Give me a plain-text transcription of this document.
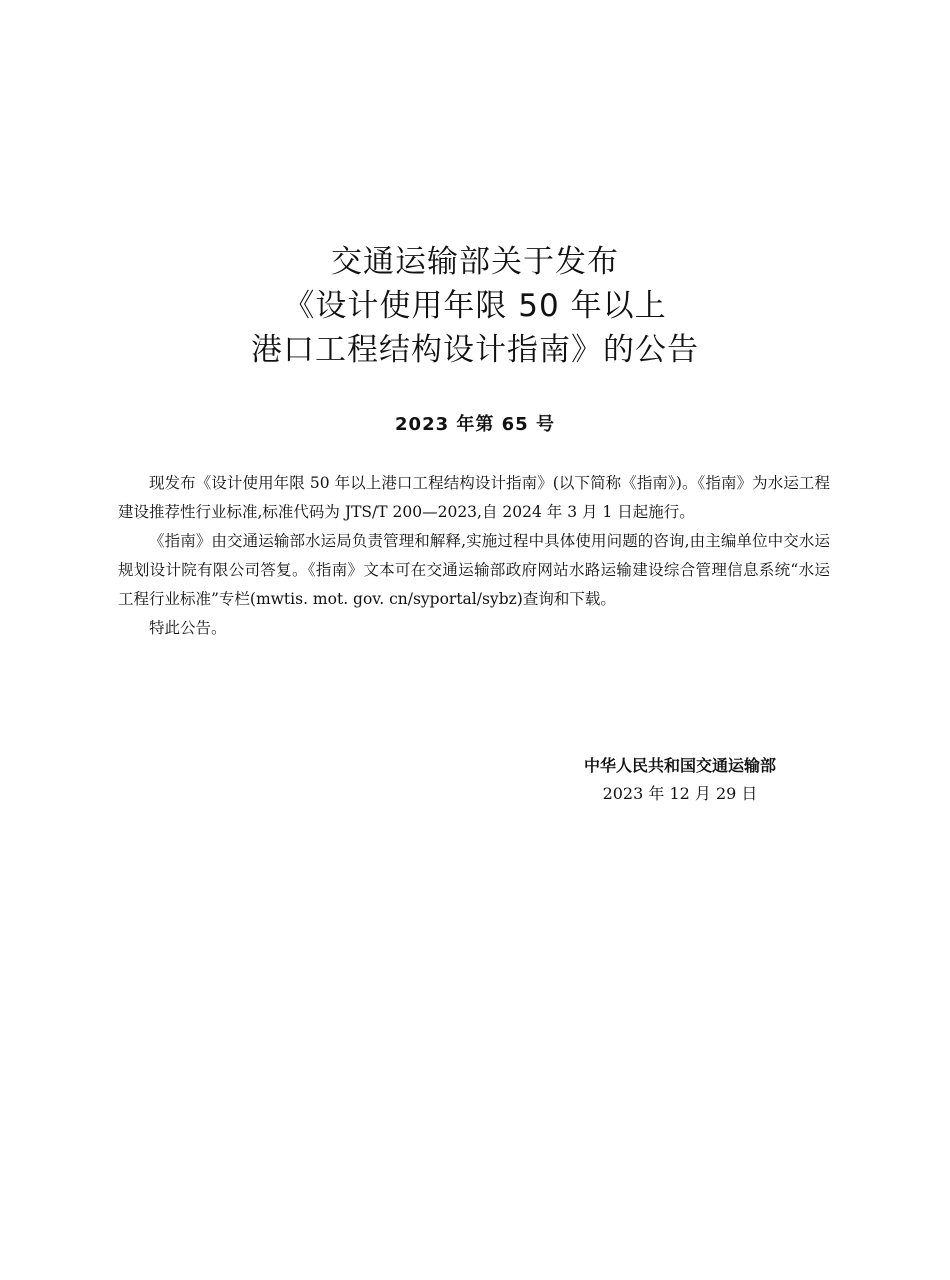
交通运输部关于发布
《设计使用年限 50 年以上
港口工程结构设计指南》的公告
2023 年第 65 号

现发布《设计使用年限 50 年以上港口工程结构设计指南》(以下简称《指南》)。《指南》为水运工程建设推荐性行业标准,标准代码为 JTS/T 200—2023,自 2024 年 3 月 1 日起施行。

《指南》由交通运输部水运局负责管理和解释,实施过程中具体使用问题的咨询,由主编单位中交水运规划设计院有限公司答复。《指南》文本可在交通运输部政府网站水路运输建设综合管理信息系统“水运工程行业标准”专栏(mwtis. mot. gov. cn/syportal/sybz)查询和下载。

特此公告。

中华人民共和国交通运输部
2023 年 12 月 29 日
